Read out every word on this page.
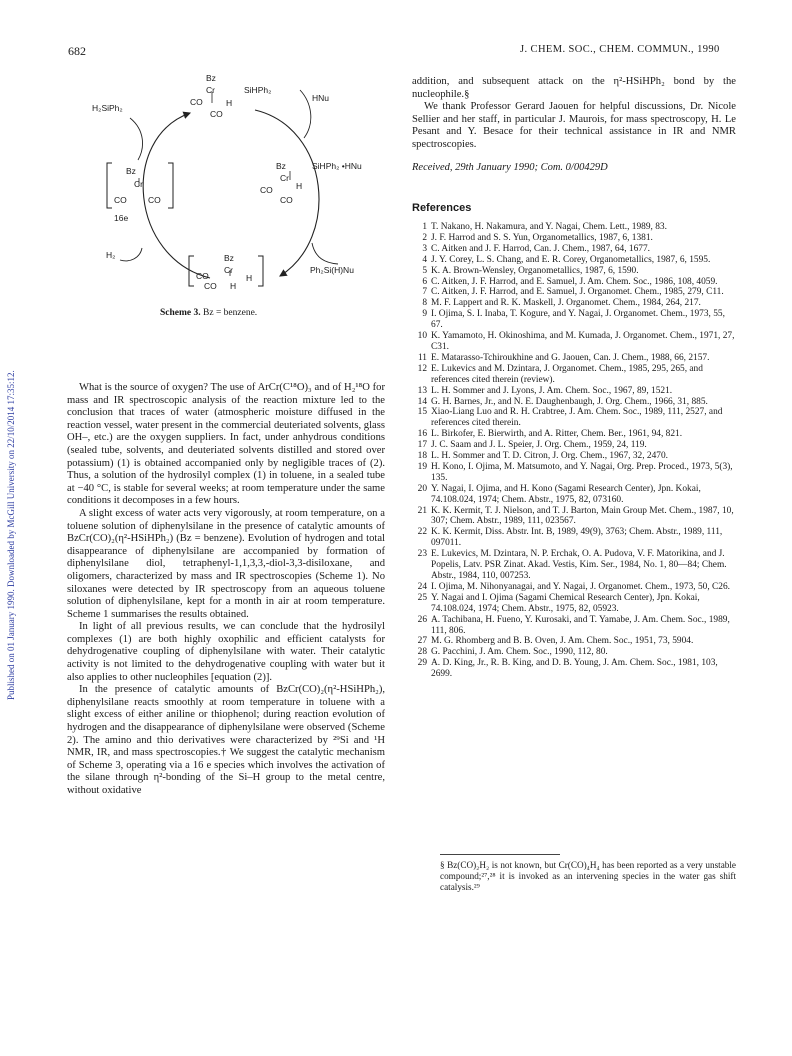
682	J. CHEM. SOC., CHEM. COMMUN., 1990
Published on 01 January 1990. Downloaded by McGill University on 22/10/2014 17:35:12.
Bz
Cr	SiHPh₂
CO	H
CO
HNu
H₂SiPh₂
Bz
Cr
CO	CO
16e
Bz	SiHPh₂ •HNu
Cr
H
CO
CO
H₂	Bz
Cr
CO
CO
H
H
Ph₂Si(H)Nu
Scheme 3. Bz = benzene.

What is the source of oxygen? The use of ArCr(C¹⁸O)₃ and of H₂¹⁸O for mass and IR spectroscopic analysis of the reaction mixture led to the conclusion that traces of water (atmospheric moisture diffused in the reaction vessel, water present in the commercial deuteriated solvents, glass OH–, etc.) are the oxygen suppliers. In fact, under anhydrous conditions (sealed tube, solvents, and deuteriated solvents distilled and stored over potassium) (1) is obtained accompanied only by negligible traces of (2). Thus, a solution of the hydrosilyl complex (1) in toluene, in a sealed tube at −40 °C, is stable for several weeks; at room temperature under the same conditions it decomposes in a few hours.

A slight excess of water acts very vigorously, at room temperature, on a toluene solution of diphenylsilane in the presence of catalytic amounts of BzCr(CO)₂(η²-HSiHPh₂) (Bz = benzene). Evolution of hydrogen and total disappearance of diphenylsilane are accompanied by formation of diphenylsilane diol, tetraphenyl-1,1,3,3,-diol-3,3-disiloxane, and oligomers, characterized by mass and IR spectroscopies (Scheme 1). No siloxanes were detected by IR spectroscopy from an aqueous toluene solution of diphenylsilane, kept for a month in air at room temperature. Scheme 1 summarises the results obtained.

In light of all previous results, we can conclude that the hydrosilyl complexes (1) are both highly oxophilic and efficient catalysts for dehydrogenative coupling of diphenylsilane with water. Their catalytic activity is not limited to the dehydrogenative coupling with water but it also applies to other nucleophiles [equation (2)].

In the presence of catalytic amounts of BzCr(CO)₂(η²-HSiHPh₂), diphenylsilane reacts smoothly at room temperature in toluene with a slight excess of either aniline or thiophenol; during reaction evolution of hydrogen and the disappearance of diphenylsilane were observed (Scheme 2). The amino and thio derivatives were characterized by ²⁹Si and ¹H NMR, IR, and mass spectroscopies.† We suggest the catalytic mechanism of Scheme 3, operating via a 16 e species which involves the activation of the silane through η²-bonding of the Si–H group to the metal centre, without oxidative

addition, and subsequent attack on the η²-HSiHPh₂ bond by the nucleophile.§

We thank Professor Gerard Jaouen for helpful discussions, Dr. Nicole Sellier and her staff, in particular J. Maurois, for mass spectroscopy, H. Le Pesant and Y. Besace for their technical assistance in IR and NMR spectroscopies.

Received, 29th January 1990; Com. 0/00429D
References
1 T. Nakano, H. Nakamura, and Y. Nagai, Chem. Lett., 1989, 83.
2 J. F. Harrod and S. S. Yun, Organometallics, 1987, 6, 1381.
3 C. Aitken and J. F. Harrod, Can. J. Chem., 1987, 64, 1677.
4 J. Y. Corey, L. S. Chang, and E. R. Corey, Organometallics, 1987, 6, 1595.
5 K. A. Brown-Wensley, Organometallics, 1987, 6, 1590.
6 C. Aitken, J. F. Harrod, and E. Samuel, J. Am. Chem. Soc., 1986, 108, 4059.
7 C. Aitken, J. F. Harrod, and E. Samuel, J. Organomet. Chem., 1985, 279, C11.
8 M. F. Lappert and R. K. Maskell, J. Organomet. Chem., 1984, 264, 217.
9 I. Ojima, S. I. Inaba, T. Kogure, and Y. Nagai, J. Organomet. Chem., 1973, 55, 67.
10 K. Yamamoto, H. Okinoshima, and M. Kumada, J. Organomet. Chem., 1971, 27, C31.
11 E. Matarasso-Tchiroukhine and G. Jaouen, Can. J. Chem., 1988, 66, 2157.
12 E. Lukevics and M. Dzintara, J. Organomet. Chem., 1985, 295, 265, and references cited therein (review).
13 L. H. Sommer and J. Lyons, J. Am. Chem. Soc., 1967, 89, 1521.
14 G. H. Barnes, Jr., and N. E. Daughenbaugh, J. Org. Chem., 1966, 31, 885.
15 Xiao-Liang Luo and R. H. Crabtree, J. Am. Chem. Soc., 1989, 111, 2527, and references cited therein.
16 L. Birkofer, E. Bierwirth, and A. Ritter, Chem. Ber., 1961, 94, 821.
17 J. C. Saam and J. L. Speier, J. Org. Chem., 1959, 24, 119.
18 L. H. Sommer and T. D. Citron, J. Org. Chem., 1967, 32, 2470.
19 H. Kono, I. Ojima, M. Matsumoto, and Y. Nagai, Org. Prep. Proced., 1973, 5(3), 135.
20 Y. Nagai, I. Ojima, and H. Kono (Sagami Research Center), Jpn. Kokai, 74.108.024, 1974; Chem. Abstr., 1975, 82, 073160.
21 K. K. Kermit, T. J. Nielson, and T. J. Barton, Main Group Met. Chem., 1987, 10, 307; Chem. Abstr., 1989, 111, 023567.
22 K. K. Kermit, Diss. Abstr. Int. B, 1989, 49(9), 3763; Chem. Abstr., 1989, 111, 097011.
23 E. Lukevics, M. Dzintara, N. P. Erchak, O. A. Pudova, V. F. Matorikina, and J. Popelis, Latv. PSR Zinat. Akad. Vestis, Kim. Ser., 1984, No. 1, 80—84; Chem. Abstr., 1984, 110, 007253.
24 I. Ojima, M. Nihonyanagai, and Y. Nagai, J. Organomet. Chem., 1973, 50, C26.
25 Y. Nagai and I. Ojima (Sagami Chemical Research Center), Jpn. Kokai, 74.108.024, 1974; Chem. Abstr., 1975, 82, 05923.
26 A. Tachibana, H. Fueno, Y. Kurosaki, and T. Yamabe, J. Am. Chem. Soc., 1989, 111, 806.
27 M. G. Rhomberg and B. B. Oven, J. Am. Chem. Soc., 1951, 73, 5904.
28 G. Pacchini, J. Am. Chem. Soc., 1990, 112, 80.
29 A. D. King, Jr., R. B. King, and D. B. Young, J. Am. Chem. Soc., 1981, 103, 2699.
§ Bz(CO)₂H₂ is not known, but Cr(CO)₄H₄ has been reported as a very unstable compound;²⁷,²⁸ it is invoked as an intervening species in the water gas shift catalysis.²⁹
